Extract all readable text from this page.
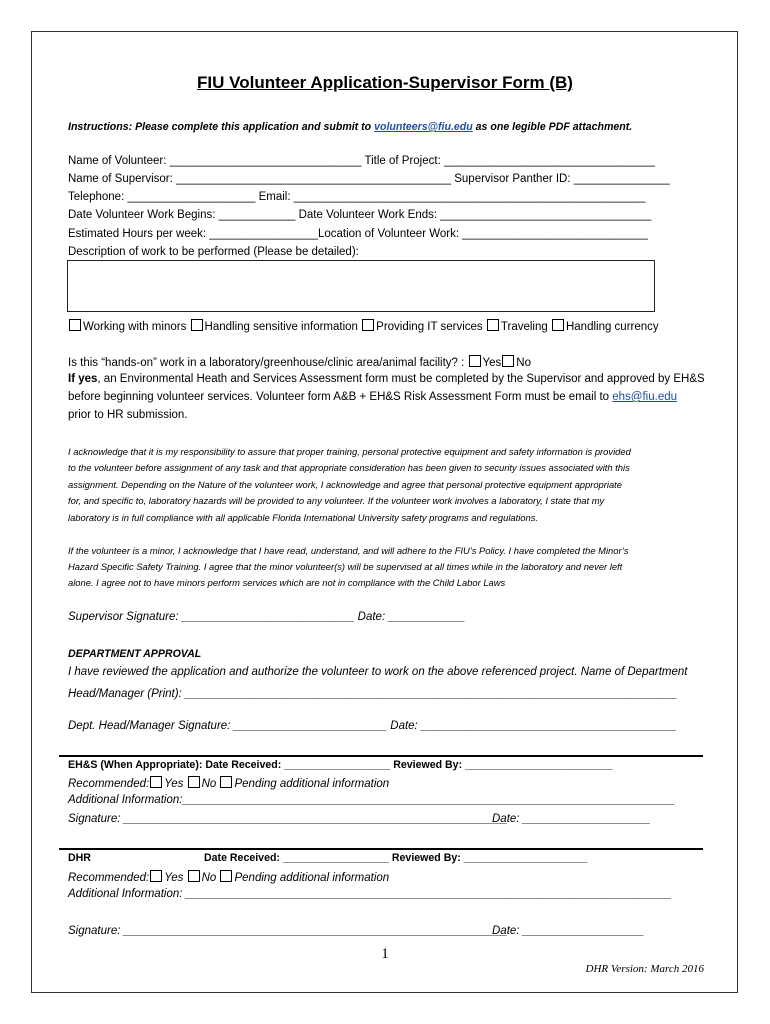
FIU Volunteer Application-Supervisor Form (B)
Instructions: Please complete this application and submit to volunteers@fiu.edu as one legible PDF attachment.
Name of Volunteer: ______________________________ Title of Project: _________________________________
Name of Supervisor: ___________________________________________ Supervisor Panther ID: _______________
Telephone: ____________________ Email: _______________________________________________________
Date Volunteer Work Begins: ____________ Date Volunteer Work Ends: _________________________________
Estimated Hours per week: _________________Location of Volunteer Work: _____________________________
Description of work to be performed (Please be detailed):
Working with minors Handling sensitive information Providing IT services Traveling Handling currency
Is this “hands-on” work in a laboratory/greenhouse/clinic area/animal facility? : Yes No
If yes, an Environmental Heath and Services Assessment form must be completed by the Supervisor and approved by EH&S
before beginning volunteer services. Volunteer form A&B + EH&S Risk Assessment Form must be email to ehs@fiu.edu
prior to HR submission.
I acknowledge that it is my responsibility to assure that proper training, personal protective equipment and safety information is provided
to the volunteer before assignment of any task and that appropriate consideration has been given to security issues associated with this
assignment. Depending on the Nature of the volunteer work, I acknowledge and agree that personal protective equipment appropriate
for, and specific to, laboratory hazards will be provided to any volunteer. If the volunteer work involves a laboratory, I state that my
laboratory is in full compliance with all applicable Florida International University safety programs and regulations.
If the volunteer is a minor, I acknowledge that I have read, understand, and will adhere to the FIU’s Policy. I have completed the Minor’s
Hazard Specific Safety Training. I agree that the minor volunteer(s) will be supervised at all times while in the laboratory and never left
alone. I agree not to have minors perform services which are not in compliance with the Child Labor Laws
Supervisor Signature: ___________________________ Date: ____________
DEPARTMENT APPROVAL
I have reviewed the application and authorize the volunteer to work on the above referenced project. Name of Department
Head/Manager (Print): _____________________________________________________________________________
Dept. Head/Manager Signature: ________________________ Date: ________________________________________
EH&S (When Appropriate): Date Received: __________________ Reviewed By: _________________________
Recommended: Yes No Pending additional information
Additional Information:_____________________________________________________________________________
Signature: ____________________________________________________________
Date: ____________________
DHR	Date Received: __________________ Reviewed By: _____________________
Recommended: Yes No Pending additional information
Additional Information: ____________________________________________________________________________
Signature: ____________________________________________________________
Date: ___________________
1
DHR Version: March 2016
